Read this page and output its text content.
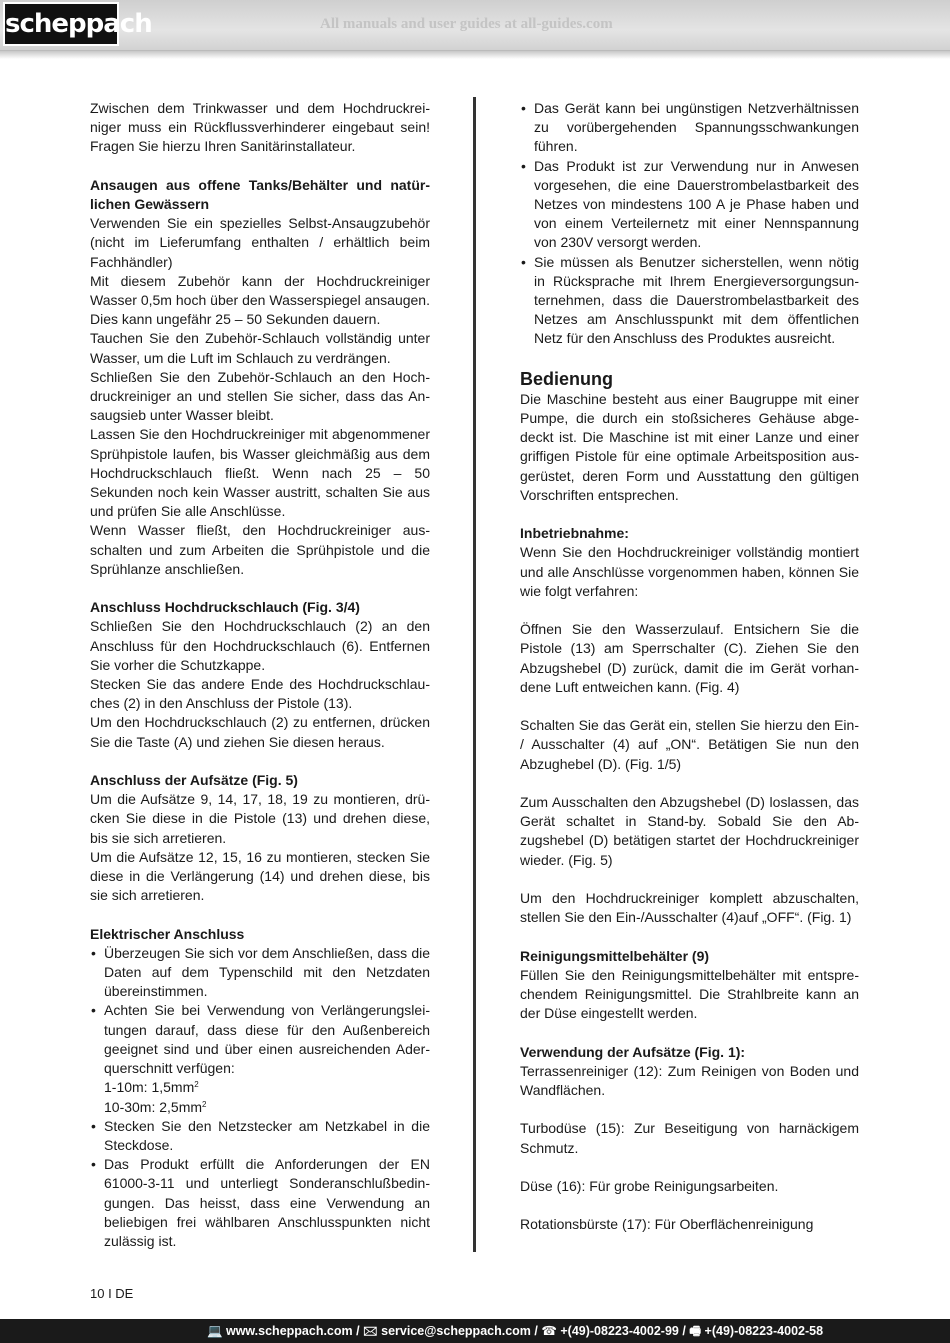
scheppach	All manuals and user guides at all-guides.com

Zwischen dem Trinkwasser und dem Hochdruckreiniger muss ein Rückflussverhinderer eingebaut sein! Fragen Sie hierzu Ihren Sanitärinstallateur.

Ansaugen aus offene Tanks/Behälter und natürlichen Gewässern

Verwenden Sie ein spezielles Selbst-Ansaugzubehör (nicht im Lieferumfang enthalten / erhältlich beim Fachhändler)

Mit diesem Zubehör kann der Hochdruckreiniger Wasser 0,5m hoch über den Wasserspiegel ansaugen. Dies kann ungefähr 25 – 50 Sekunden dauern.

Tauchen Sie den Zubehör-Schlauch vollständig unter Wasser, um die Luft im Schlauch zu verdrängen.

Schließen Sie den Zubehör-Schlauch an den Hochdruckreiniger an und stellen Sie sicher, dass das Ansaugsieb unter Wasser bleibt.

Lassen Sie den Hochdruckreiniger mit abgenommener Sprühpistole laufen, bis Wasser gleichmäßig aus dem Hochdruckschlauch fließt. Wenn nach 25 – 50 Sekunden noch kein Wasser austritt, schalten Sie aus und prüfen Sie alle Anschlüsse.

Wenn Wasser fließt, den Hochdruckreiniger ausschalten und zum Arbeiten die Sprühpistole und die Sprühlanze anschließen.

Anschluss Hochdruckschlauch (Fig. 3/4)

Schließen Sie den Hochdruckschlauch (2) an den Anschluss für den Hochdruckschlauch (6). Entfernen Sie vorher die Schutzkappe.

Stecken Sie das andere Ende des Hochdruckschlauches (2) in den Anschluss der Pistole (13).

Um den Hochdruckschlauch (2) zu entfernen, drücken Sie die Taste (A) und ziehen Sie diesen heraus.

Anschluss der Aufsätze (Fig. 5)

Um die Aufsätze 9, 14, 17, 18, 19 zu montieren, drücken Sie diese in die Pistole (13) und drehen diese, bis sie sich arretieren.

Um die Aufsätze 12, 15, 16 zu montieren, stecken Sie diese in die Verlängerung (14) und drehen diese, bis sie sich arretieren.

Elektrischer Anschluss

• Überzeugen Sie sich vor dem Anschließen, dass die Daten auf dem Typenschild mit den Netzdaten übereinstimmen.
• Achten Sie bei Verwendung von Verlängerungsleitungen darauf, dass diese für den Außenbereich geeignet sind und über einen ausreichenden Aderquerschnitt verfügen:
1-10m: $1,5mm^2$
10-30m: $2,5mm^2$
• Stecken Sie den Netzstecker am Netzkabel in die Steckdose.
• Das Produkt erfüllt die Anforderungen der EN 61000-3-11 und unterliegt Sonderanschlußbedingungen. Das heisst, dass eine Verwendung an beliebigen frei wählbaren Anschlusspunkten nicht zulässig ist.
• Das Gerät kann bei ungünstigen Netzverhältnissen zu vorübergehenden Spannungsschwankungen führen.
• Das Produkt ist zur Verwendung nur in Anwesen vorgesehen, die eine Dauerstrombelastbarkeit des Netzes von mindestens 100 A je Phase haben und von einem Verteilernetz mit einer Nennspannung von 230V versorgt werden.
• Sie müssen als Benutzer sicherstellen, wenn nötig in Rücksprache mit Ihrem Energieversorgungsunternehmen, dass die Dauerstrombelastbarkeit des Netzes am Anschlusspunkt mit dem öffentlichen Netz für den Anschluss des Produktes ausreicht.

Bedienung

Die Maschine besteht aus einer Baugruppe mit einer Pumpe, die durch ein stoßsicheres Gehäuse abgedeckt ist. Die Maschine ist mit einer Lanze und einer griffigen Pistole für eine optimale Arbeitsposition ausgerüstet, deren Form und Ausstattung den gültigen Vorschriften entsprechen.

Inbetriebnahme:

Wenn Sie den Hochdruckreiniger vollständig montiert und alle Anschlüsse vorgenommen haben, können Sie wie folgt verfahren:

Öffnen Sie den Wasserzulauf. Entsichern Sie die Pistole (13) am Sperrschalter (C). Ziehen Sie den Abzugshebel (D) zurück, damit die im Gerät vorhandene Luft entweichen kann. (Fig. 4)

Schalten Sie das Gerät ein, stellen Sie hierzu den Ein- / Ausschalter (4) auf „ON“. Betätigen Sie nun den Abzughebel (D). (Fig. 1/5)

Zum Ausschalten den Abzugshebel (D) loslassen, das Gerät schaltet in Stand-by. Sobald Sie den Abzugshebel (D) betätigen startet der Hochdruckreiniger wieder. (Fig. 5)

Um den Hochdruckreiniger komplett abzuschalten, stellen Sie den Ein-/Ausschalter (4)auf „OFF“. (Fig. 1)

Reinigungsmittelbehälter (9)

Füllen Sie den Reinigungsmittelbehälter mit entsprechendem Reinigungsmittel. Die Strahlbreite kann an der Düse eingestellt werden.

Verwendung der Aufsätze (Fig. 1):

Terrassenreiniger (12): Zum Reinigen von Boden und Wandflächen.

Turbodüse (15): Zur Beseitigung von harnäckigem Schmutz.

Düse (16): Für grobe Reinigungsarbeiten.

Rotationsbürste (17): Für Oberflächenreinigung

10 I DE
💻 www.scheppach.com / 🖂 service@scheppach.com / ☎ +(49)-08223-4002-99 / 🖷 +(49)-08223-4002-58
